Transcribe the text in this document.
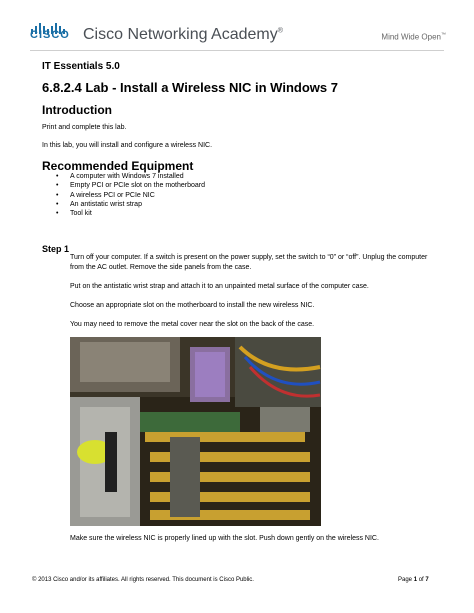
CISCO Cisco Networking Academy®
Mind Wide Open™
IT Essentials 5.0
6.8.2.4 Lab - Install a Wireless NIC in Windows 7
Introduction
Print and complete this lab.
In this lab, you will install and configure a wireless NIC.
Recommended Equipment
• A computer with Windows 7 installed
• Empty PCI or PCIe slot on the motherboard
• A wireless PCI or PCIe NIC
• An antistatic wrist strap
• Tool kit
Step 1

Turn off your computer. If a switch is present on the power supply, set the switch to “0” or “off”. Unplug the computer from the AC outlet. Remove the side panels from the case.

Put on the antistatic wrist strap and attach it to an unpainted metal surface of the computer case.

Choose an appropriate slot on the motherboard to install the new wireless NIC.

You may need to remove the metal cover near the slot on the back of the case.

Make sure the wireless NIC is properly lined up with the slot. Push down gently on the wireless NIC.

© 2013 Cisco and/or its affiliates. All rights reserved. This document is Cisco Public.	Page 1 of 7
